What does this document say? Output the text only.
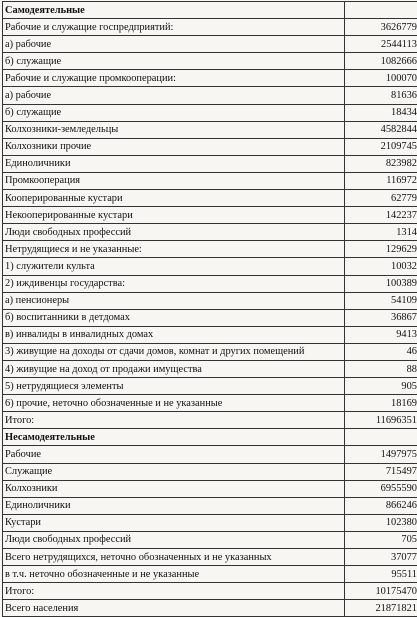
Самодеятельные	
Рабочие и служащие госпредприятий:	3626779
а) рабочие	2544113
б) служащие	1082666
Рабочие и служащие промкооперации:	100070
а) рабочие	81636
б) служащие	18434
Колхозники-земледельцы	4582844
Колхозники прочие	2109745
Единоличники	823982
Промкооперация	116972
Кооперированные кустари	62779
Некооперированные кустари	142237
Люди свободных профессий	1314
Нетрудящиеся и не указанные:	129629
1) служители культа	10032
2) иждивенцы государства:	100389
а) пенсионеры	54109
б) воспитанники в детдомах	36867
в) инвалиды в инвалидных домах	9413
3) живущие на доходы от сдачи домов, комнат и других помещений	46
4) живущие на доход от продажи имущества	88
5) нетрудящиеся элементы	905
6) прочие, неточно обозначенные и не указанные	18169
Итого:	11696351
Несамодеятельные	
Рабочие	1497975
Служащие	715497
Колхозники	6955590
Единоличники	866246
Кустари	102380
Люди свободных профессий	705
Всего нетрудящихся, неточно обозначенных и не указанных	37077
в т.ч. неточно обозначенные и не указанные	95511
Итого:	10175470
Всего населения	21871821
